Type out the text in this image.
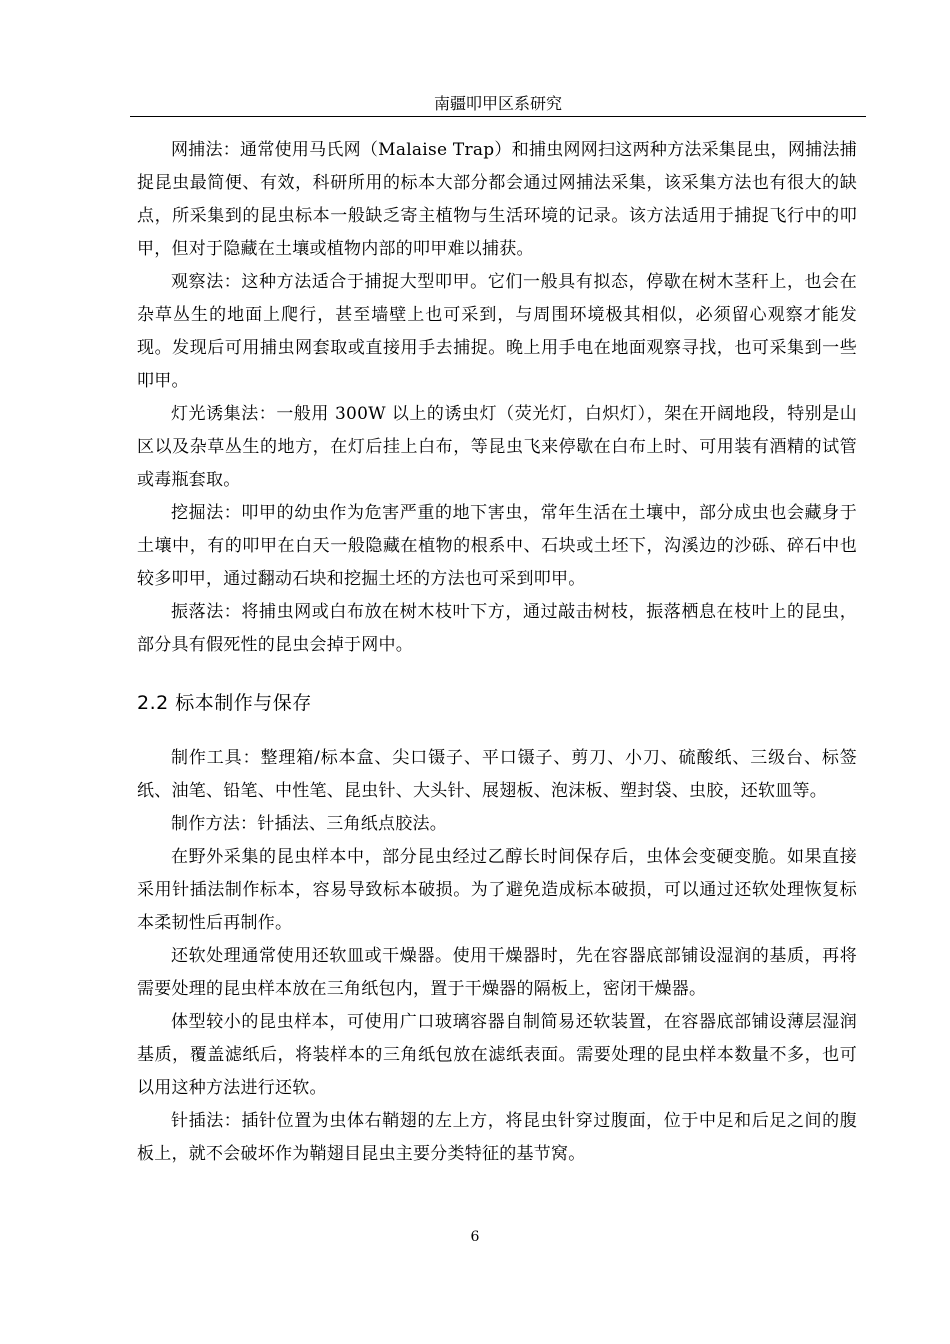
南疆叩甲区系研究

网捕法：通常使用马氏网（Malaise Trap）和捕虫网网扫这两种方法采集昆虫，网捕法捕捉昆虫最简便、有效，科研所用的标本大部分都会通过网捕法采集，该采集方法也有很大的缺点，所采集到的昆虫标本一般缺乏寄主植物与生活环境的记录。该方法适用于捕捉飞行中的叩甲，但对于隐藏在土壤或植物内部的叩甲难以捕获。

观察法：这种方法适合于捕捉大型叩甲。它们一般具有拟态，停歇在树木茎秆上，也会在杂草丛生的地面上爬行，甚至墙壁上也可采到，与周围环境极其相似，必须留心观察才能发现。发现后可用捕虫网套取或直接用手去捕捉。晚上用手电在地面观察寻找，也可采集到一些叩甲。

灯光诱集法：一般用 300W 以上的诱虫灯（荧光灯，白炽灯），架在开阔地段，特别是山区以及杂草丛生的地方，在灯后挂上白布，等昆虫飞来停歇在白布上时、可用装有酒精的试管或毒瓶套取。

挖掘法：叩甲的幼虫作为危害严重的地下害虫，常年生活在土壤中，部分成虫也会藏身于土壤中，有的叩甲在白天一般隐藏在植物的根系中、石块或土坯下，沟溪边的沙砾、碎石中也较多叩甲，通过翻动石块和挖掘土坯的方法也可采到叩甲。

振落法：将捕虫网或白布放在树木枝叶下方，通过敲击树枝，振落栖息在枝叶上的昆虫，部分具有假死性的昆虫会掉于网中。

2.2 标本制作与保存

制作工具：整理箱/标本盒、尖口镊子、平口镊子、剪刀、小刀、硫酸纸、三级台、标签纸、油笔、铅笔、中性笔、昆虫针、大头针、展翅板、泡沫板、塑封袋、虫胶，还软皿等。

制作方法：针插法、三角纸点胶法。

在野外采集的昆虫样本中，部分昆虫经过乙醇长时间保存后，虫体会变硬变脆。如果直接采用针插法制作标本，容易导致标本破损。为了避免造成标本破损，可以通过还软处理恢复标本柔韧性后再制作。

还软处理通常使用还软皿或干燥器。使用干燥器时，先在容器底部铺设湿润的基质，再将需要处理的昆虫样本放在三角纸包内，置于干燥器的隔板上，密闭干燥器。

体型较小的昆虫样本，可使用广口玻璃容器自制简易还软装置，在容器底部铺设薄层湿润基质，覆盖滤纸后，将装样本的三角纸包放在滤纸表面。需要处理的昆虫样本数量不多，也可以用这种方法进行还软。

针插法：插针位置为虫体右鞘翅的左上方，将昆虫针穿过腹面，位于中足和后足之间的腹板上，就不会破坏作为鞘翅目昆虫主要分类特征的基节窝。

6
